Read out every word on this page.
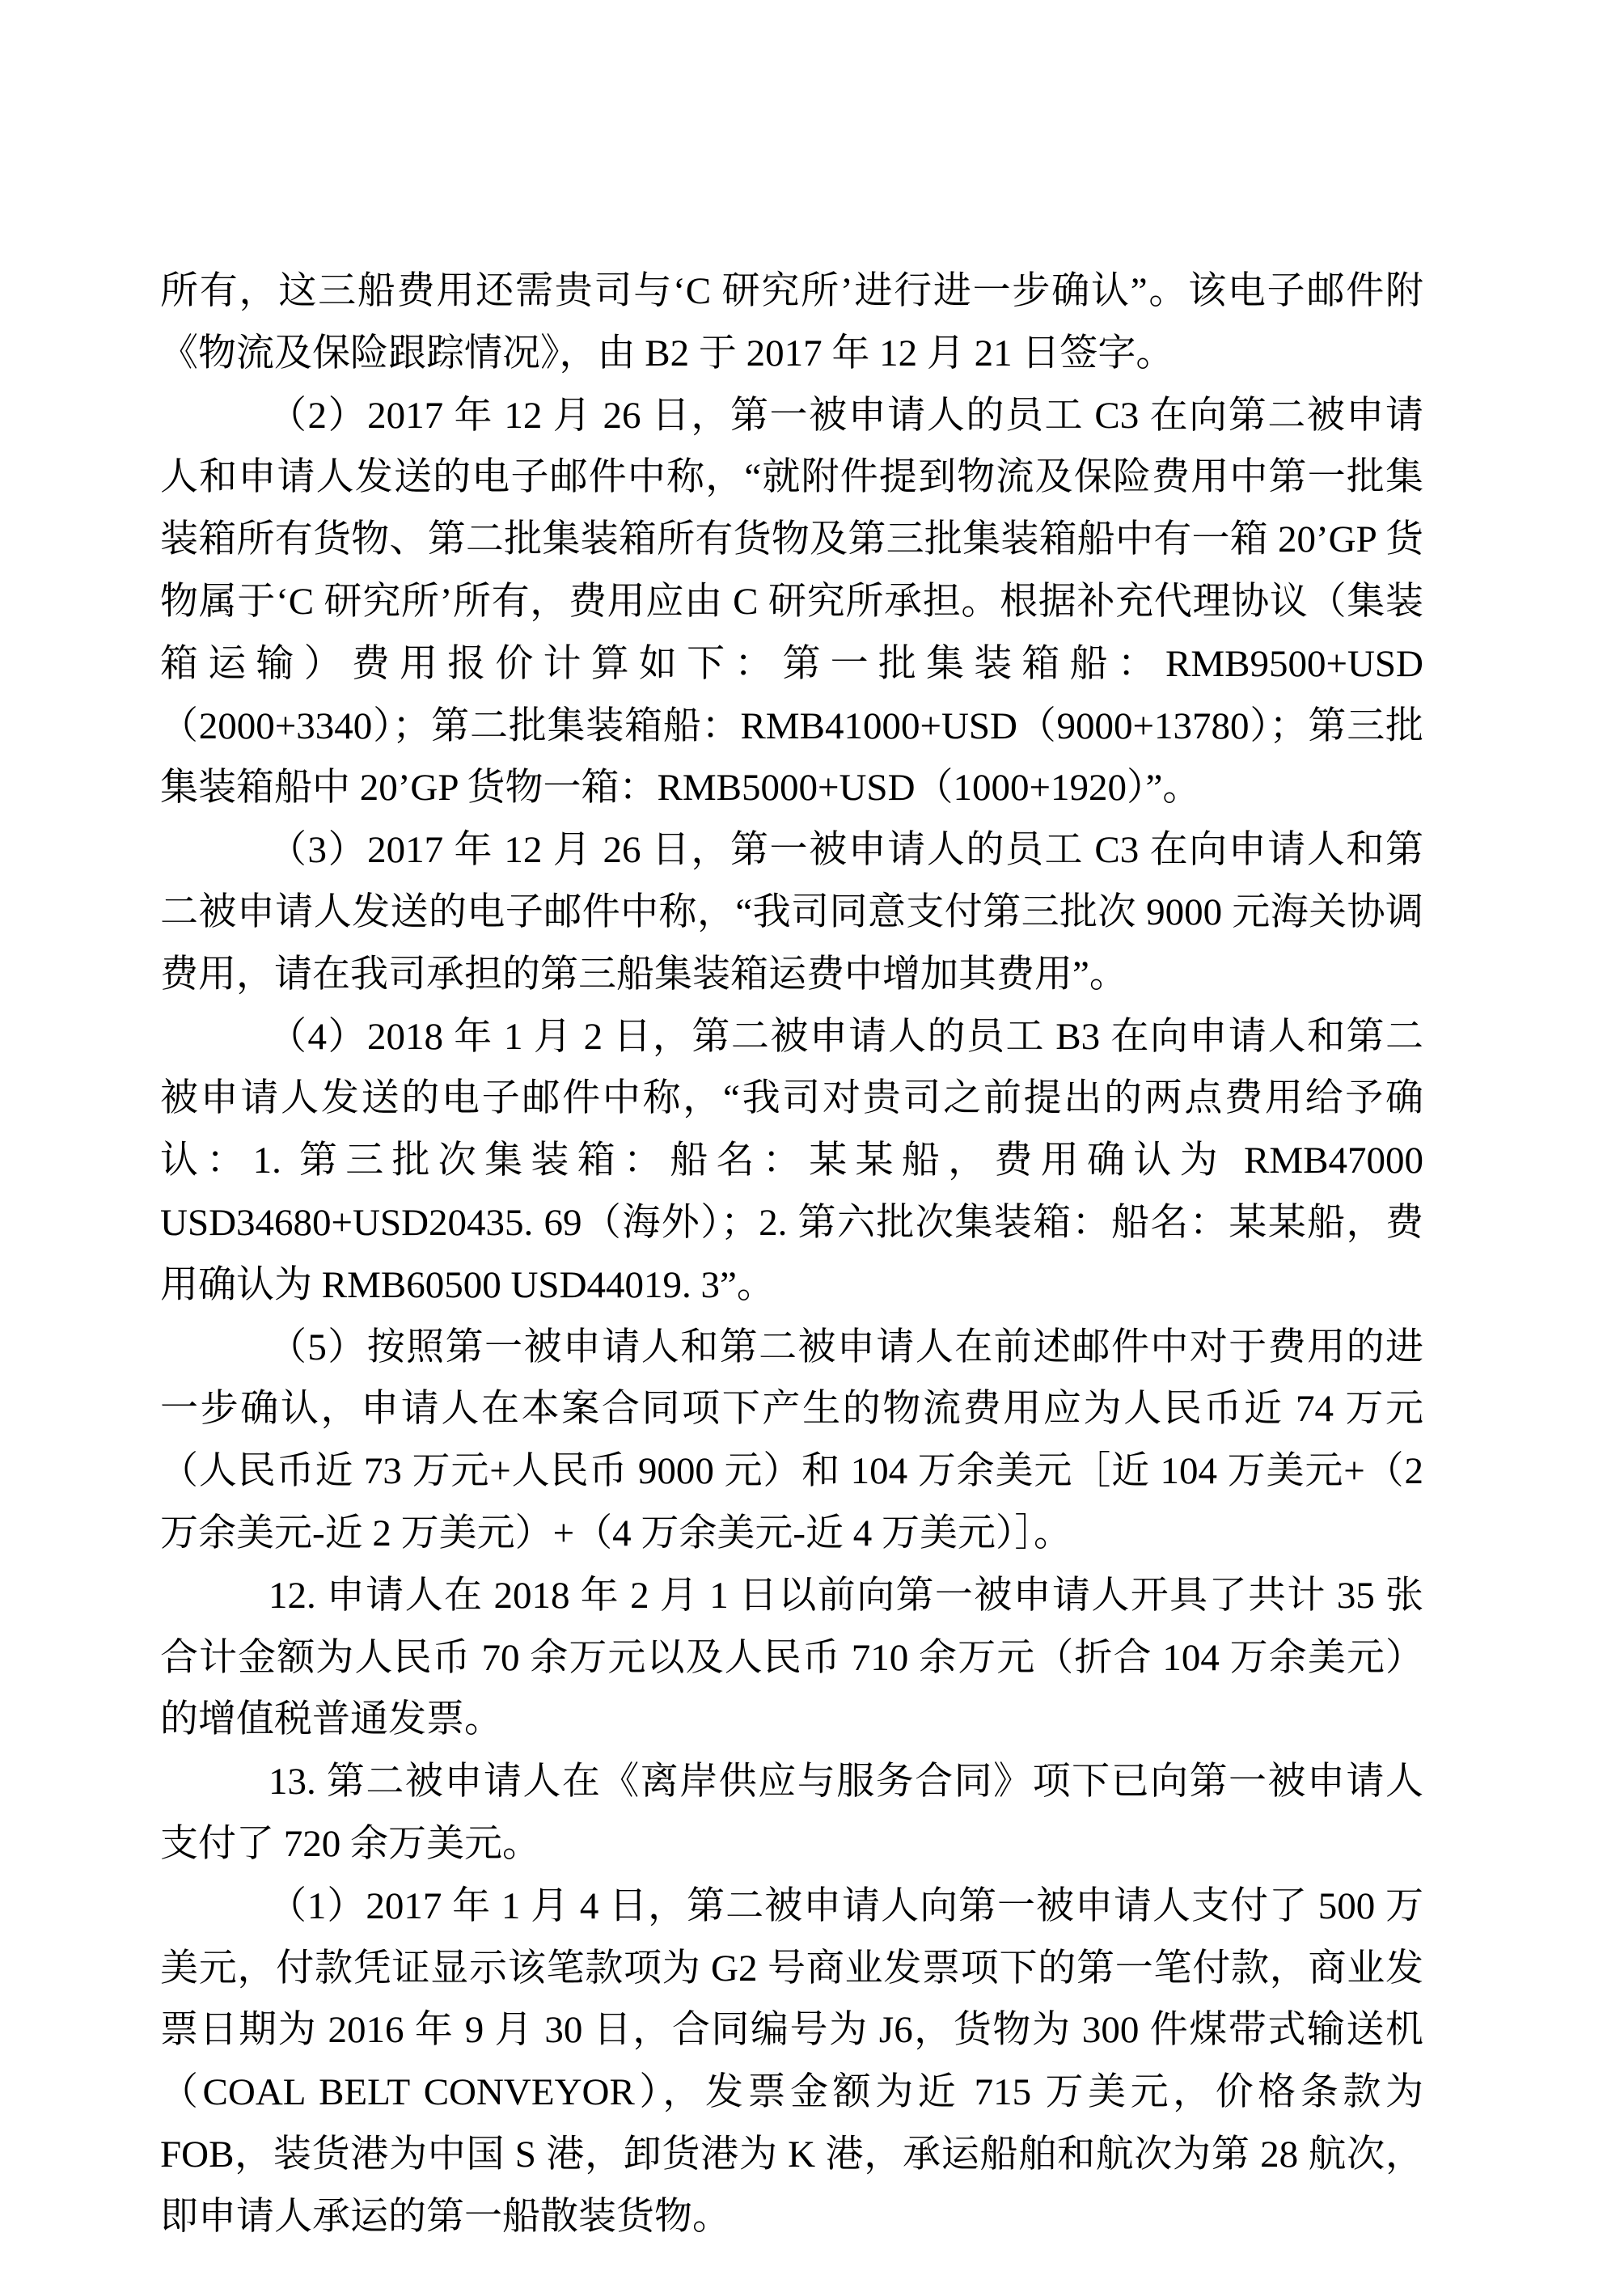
所有，这三船费用还需贵司与‘C 研究所’进行进一步确认”。该电子邮件附《物流及保险跟踪情况》，由 B2 于 2017 年 12 月 21 日签字。

（2）2017 年 12 月 26 日，第一被申请人的员工 C3 在向第二被申请人和申请人发送的电子邮件中称，“就附件提到物流及保险费用中第一批集装箱所有货物、第二批集装箱所有货物及第三批集装箱船中有一箱 20’GP 货物属于‘C 研究所’所有，费用应由 C 研究所承担。根据补充代理协议（集装箱运输）费用报价计算如下：第一批集装箱船：RMB9500+USD（2000+3340）；第二批集装箱船：RMB41000+USD（9000+13780）；第三批集装箱船中 20’GP 货物一箱：RMB5000+USD（1000+1920）”。

（3）2017 年 12 月 26 日，第一被申请人的员工 C3 在向申请人和第二被申请人发送的电子邮件中称，“我司同意支付第三批次 9000 元海关协调费用，请在我司承担的第三船集装箱运费中增加其费用”。

（4）2018 年 1 月 2 日，第二被申请人的员工 B3 在向申请人和第二被申请人发送的电子邮件中称，“我司对贵司之前提出的两点费用给予确认：1. 第三批次集装箱：船名：某某船，费用确认为 RMB47000 USD34680+USD20435. 69（海外）；2. 第六批次集装箱：船名：某某船，费用确认为 RMB60500 USD44019. 3”。

（5）按照第一被申请人和第二被申请人在前述邮件中对于费用的进一步确认，申请人在本案合同项下产生的物流费用应为人民币近 74 万元（人民币近 73 万元+人民币 9000 元）和 104 万余美元［近 104 万美元+（2 万余美元-近 2 万美元）+（4 万余美元-近 4 万美元）］。

12. 申请人在 2018 年 2 月 1 日以前向第一被申请人开具了共计 35 张合计金额为人民币 70 余万元以及人民币 710 余万元（折合 104 万余美元）的增值税普通发票。

13. 第二被申请人在《离岸供应与服务合同》项下已向第一被申请人支付了 720 余万美元。

（1）2017 年 1 月 4 日，第二被申请人向第一被申请人支付了 500 万美元，付款凭证显示该笔款项为 G2 号商业发票项下的第一笔付款，商业发票日期为 2016 年 9 月 30 日，合同编号为 J6，货物为 300 件煤带式输送机（COAL BELT CONVEYOR），发票金额为近 715 万美元，价格条款为 FOB，装货港为中国 S 港，卸货港为 K 港，承运船舶和航次为第 28 航次，即申请人承运的第一船散装货物。
